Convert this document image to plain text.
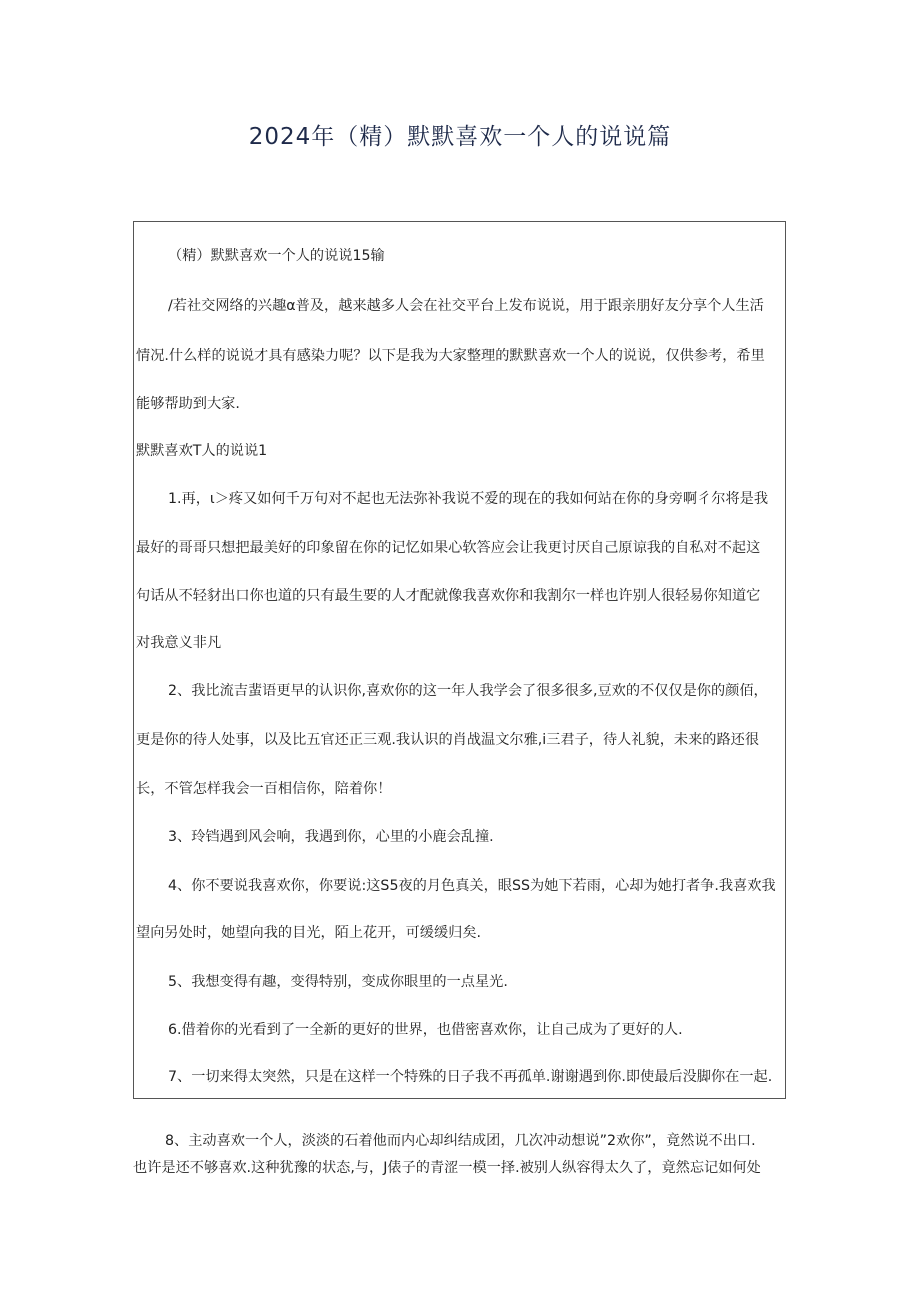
2024年（精）默默喜欢一个人的说说篇
（精）默默喜欢一个人的说说15输
/若社交网络的兴趣α普及，越来越多人会在社交平台上发布说说，用于跟亲朋好友分享个人生活
情况.什么样的说说才具有感染力呢？以下是我为大家整理的默默喜欢一个人的说说，仅供参考，希里
能够帮助到大家.
默默喜欢T人的说说1
1.再，ι＞疼又如何千万句对不起也无法弥补我说不爱的现在的我如何站在你的身旁啊彳尔将是我
最好的哥哥只想把最美好的印象留在你的记忆如果心软答应会让我更讨厌自己原谅我的自私对不起这
句话从不轻豺出口你也道的只有最生要的人才配就像我喜欢你和我割尔一样也许别人很轻易你知道它
对我意义非凡
2、我比流吉蜚语更早的认识你,喜欢你的这一年人我学会了很多很多,豆欢的不仅仅是你的颜佰，
更是你的待人处事，以及比五官还正三观.我认识的肖战温文尔雅,i三君子，待人礼貌，未来的路还很
长，不管怎样我会一百相信你，陪着你！
3、玲铛遇到风会响，我遇到你，心里的小鹿会乱撞.
4、你不要说我喜欢你，你要说:这S5夜的月色真关，眼SS为她下若雨，心却为她打者争.我喜欢我
望向另处时，她望向我的目光，陌上花开，可缓缓归矣.
5、我想变得有趣，变得特别，变成你眼里的一点星光.
6.借着你的光看到了一全新的更好的世界，也借密喜欢你，让自己成为了更好的人.
7、一切来得太突然，只是在这样一个特殊的日子我不再孤单.谢谢遇到你.即使最后没脚你在一起.
8、主动喜欢一个人，淡淡的石着他而内心却纠结成团，几次冲动想说”2欢你”，竟然说不出口.
也许是还不够喜欢.这种犹豫的状态,与，J俵子的青涩一模一择.被别人纵容得太久了，竟然忘记如何处
